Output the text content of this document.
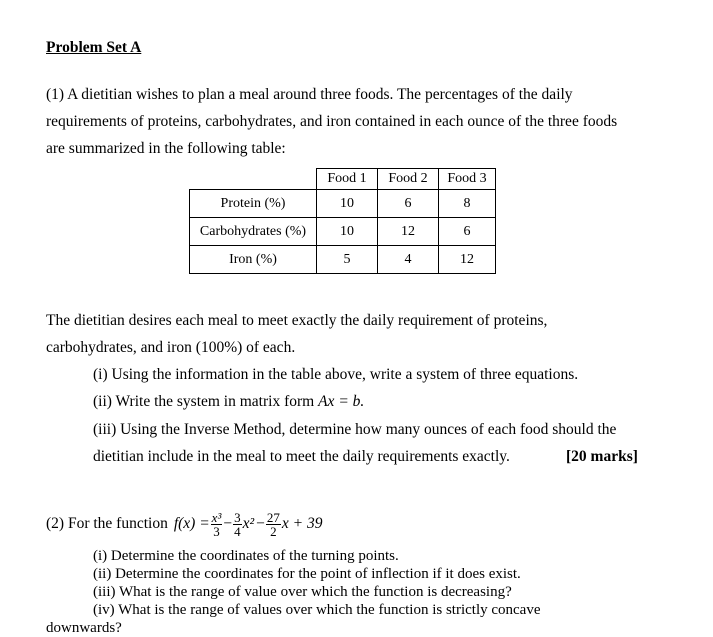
Problem Set A
(1) A dietitian wishes to plan a meal around three foods. The percentages of the daily
requirements of proteins, carbohydrates, and iron contained in each ounce of the three foods
are summarized in the following table:
	Food 1	Food 2	Food 3
Protein (%)	10	6	8
Carbohydrates (%)	10	12	6
Iron (%)	5	4	12
The dietitian desires each meal to meet exactly the daily requirement of proteins,
carbohydrates, and iron (100%) of each.
(i) Using the information in the table above, write a system of three equations.
(ii) Write the system in matrix form Ax = b.
(iii) Using the Inverse Method, determine how many ounces of each food should the
dietitian include in the meal to meet the daily requirements exactly.	[20 marks]
(2) For the function $f(x) = \frac{\text{x³}}{3} - \frac{3}{4} x^2 - \frac{27}{2}$ x + 39
(i) Determine the coordinates of the turning points.
(ii) Determine the coordinates for the point of inflection if it does exist.
(iii) What is the range of value over which the function is decreasing?
(iv) What is the range of values over which the function is strictly concave
downwards?
